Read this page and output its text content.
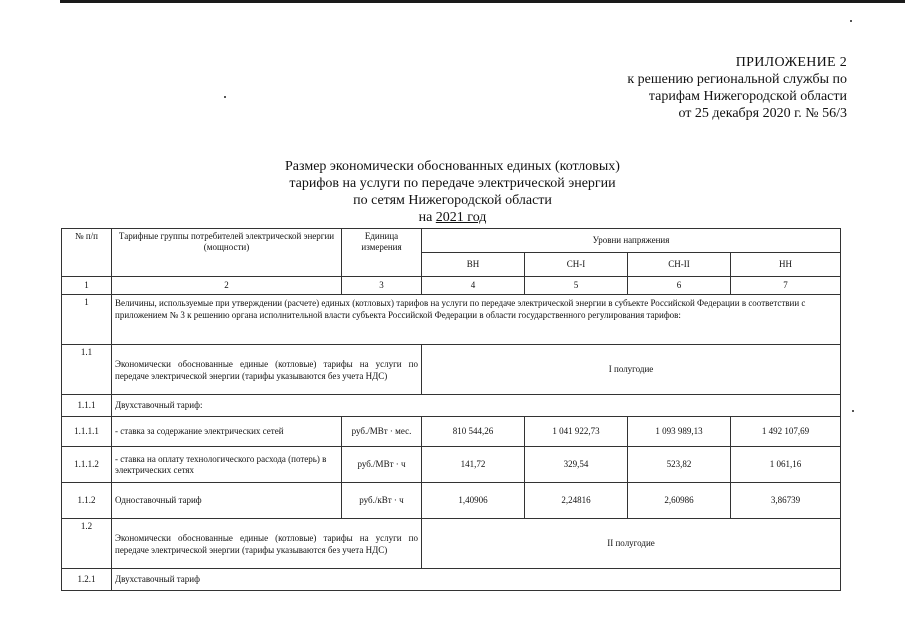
ПРИЛОЖЕНИЕ 2
к решению региональной службы по
тарифам Нижегородской области
от 25 декабря 2020 г. № 56/3
Размер экономически обоснованных единых (котловых)
тарифов на услуги по передаче электрической энергии
по сетям Нижегородской области
на 2021 год
№ п/п	Тарифные группы потребителей электрической энергии (мощности)	Единица измерения	Уровни напряжения			
			ВН	СН-I	СН-II	НН
1	2	3	4	5	6	7
1	Величины, используемые при утверждении (расчете) единых (котловых) тарифов на услуги по передаче электрической энергии в субъекте Российской Федерации в соответствии с приложением № 3 к решению органа исполнительной власти субъекта Российской Федерации в области государственного регулирования тарифов:					
1.1	Экономически обоснованные единые (котловые) тарифы на услуги по передаче электрической энергии (тарифы указываются без учета НДС)		I полугодие			
1.1.1	Двухставочный тариф:					
1.1.1.1	- ставка за содержание электрических сетей	руб./МВт · мес.	810 544,26	1 041 922,73	1 093 989,13	1 492 107,69
1.1.1.2	- ставка на оплату технологического расхода (потерь) в электрических сетях	руб./МВт · ч	141,72	329,54	523,82	1 061,16
1.1.2	Одноставочный тариф	руб./кВт · ч	1,40906	2,24816	2,60986	3,86739
1.2	Экономически обоснованные единые (котловые) тарифы на услуги по передаче электрической энергии (тарифы указываются без учета НДС)		II полугодие			
1.2.1	Двухставочный тариф					
